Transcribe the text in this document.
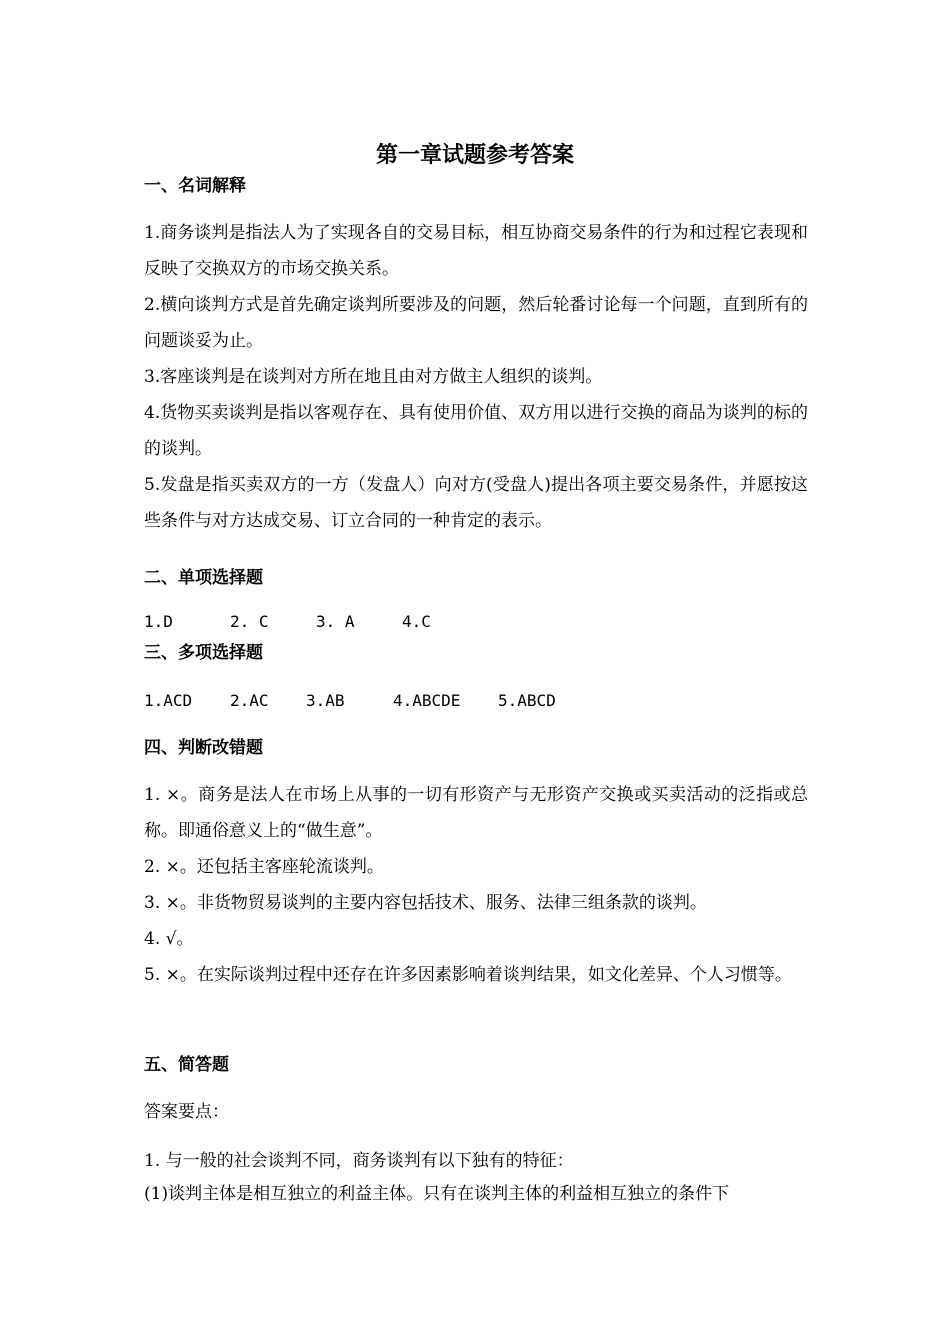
第一章试题参考答案
一、名词解释
1.商务谈判是指法人为了实现各自的交易目标，相互协商交易条件的行为和过程它表现和反映了交换双方的市场交换关系。
2.横向谈判方式是首先确定谈判所要涉及的问题，然后轮番讨论每一个问题，直到所有的问题谈妥为止。
3.客座谈判是在谈判对方所在地且由对方做主人组织的谈判。
4.货物买卖谈判是指以客观存在、具有使用价值、双方用以进行交换的商品为谈判的标的的谈判。
5.发盘是指买卖双方的一方（发盘人）向对方(受盘人)提出各项主要交易条件，并愿按这些条件与对方达成交易、订立合同的一种肯定的表示。
二、单项选择题
1.D	2. C	3. A	4.C
三、多项选择题
1.ACD 2.AC 3.AB	4.ABCDE 5.ABCD
四、判断改错题
1. ×。商务是法人在市场上从事的一切有形资产与无形资产交换或买卖活动的泛指或总称。即通俗意义上的“做生意”。
2. ×。还包括主客座轮流谈判。
3. ×。非货物贸易谈判的主要内容包括技术、服务、法律三组条款的谈判。
4. √。
5. ×。在实际谈判过程中还存在许多因素影响着谈判结果，如文化差异、个人习惯等。
五、简答题
答案要点：
1. 与一般的社会谈判不同，商务谈判有以下独有的特征：
(1)谈判主体是相互独立的利益主体。只有在谈判主体的利益相互独立的条件下
